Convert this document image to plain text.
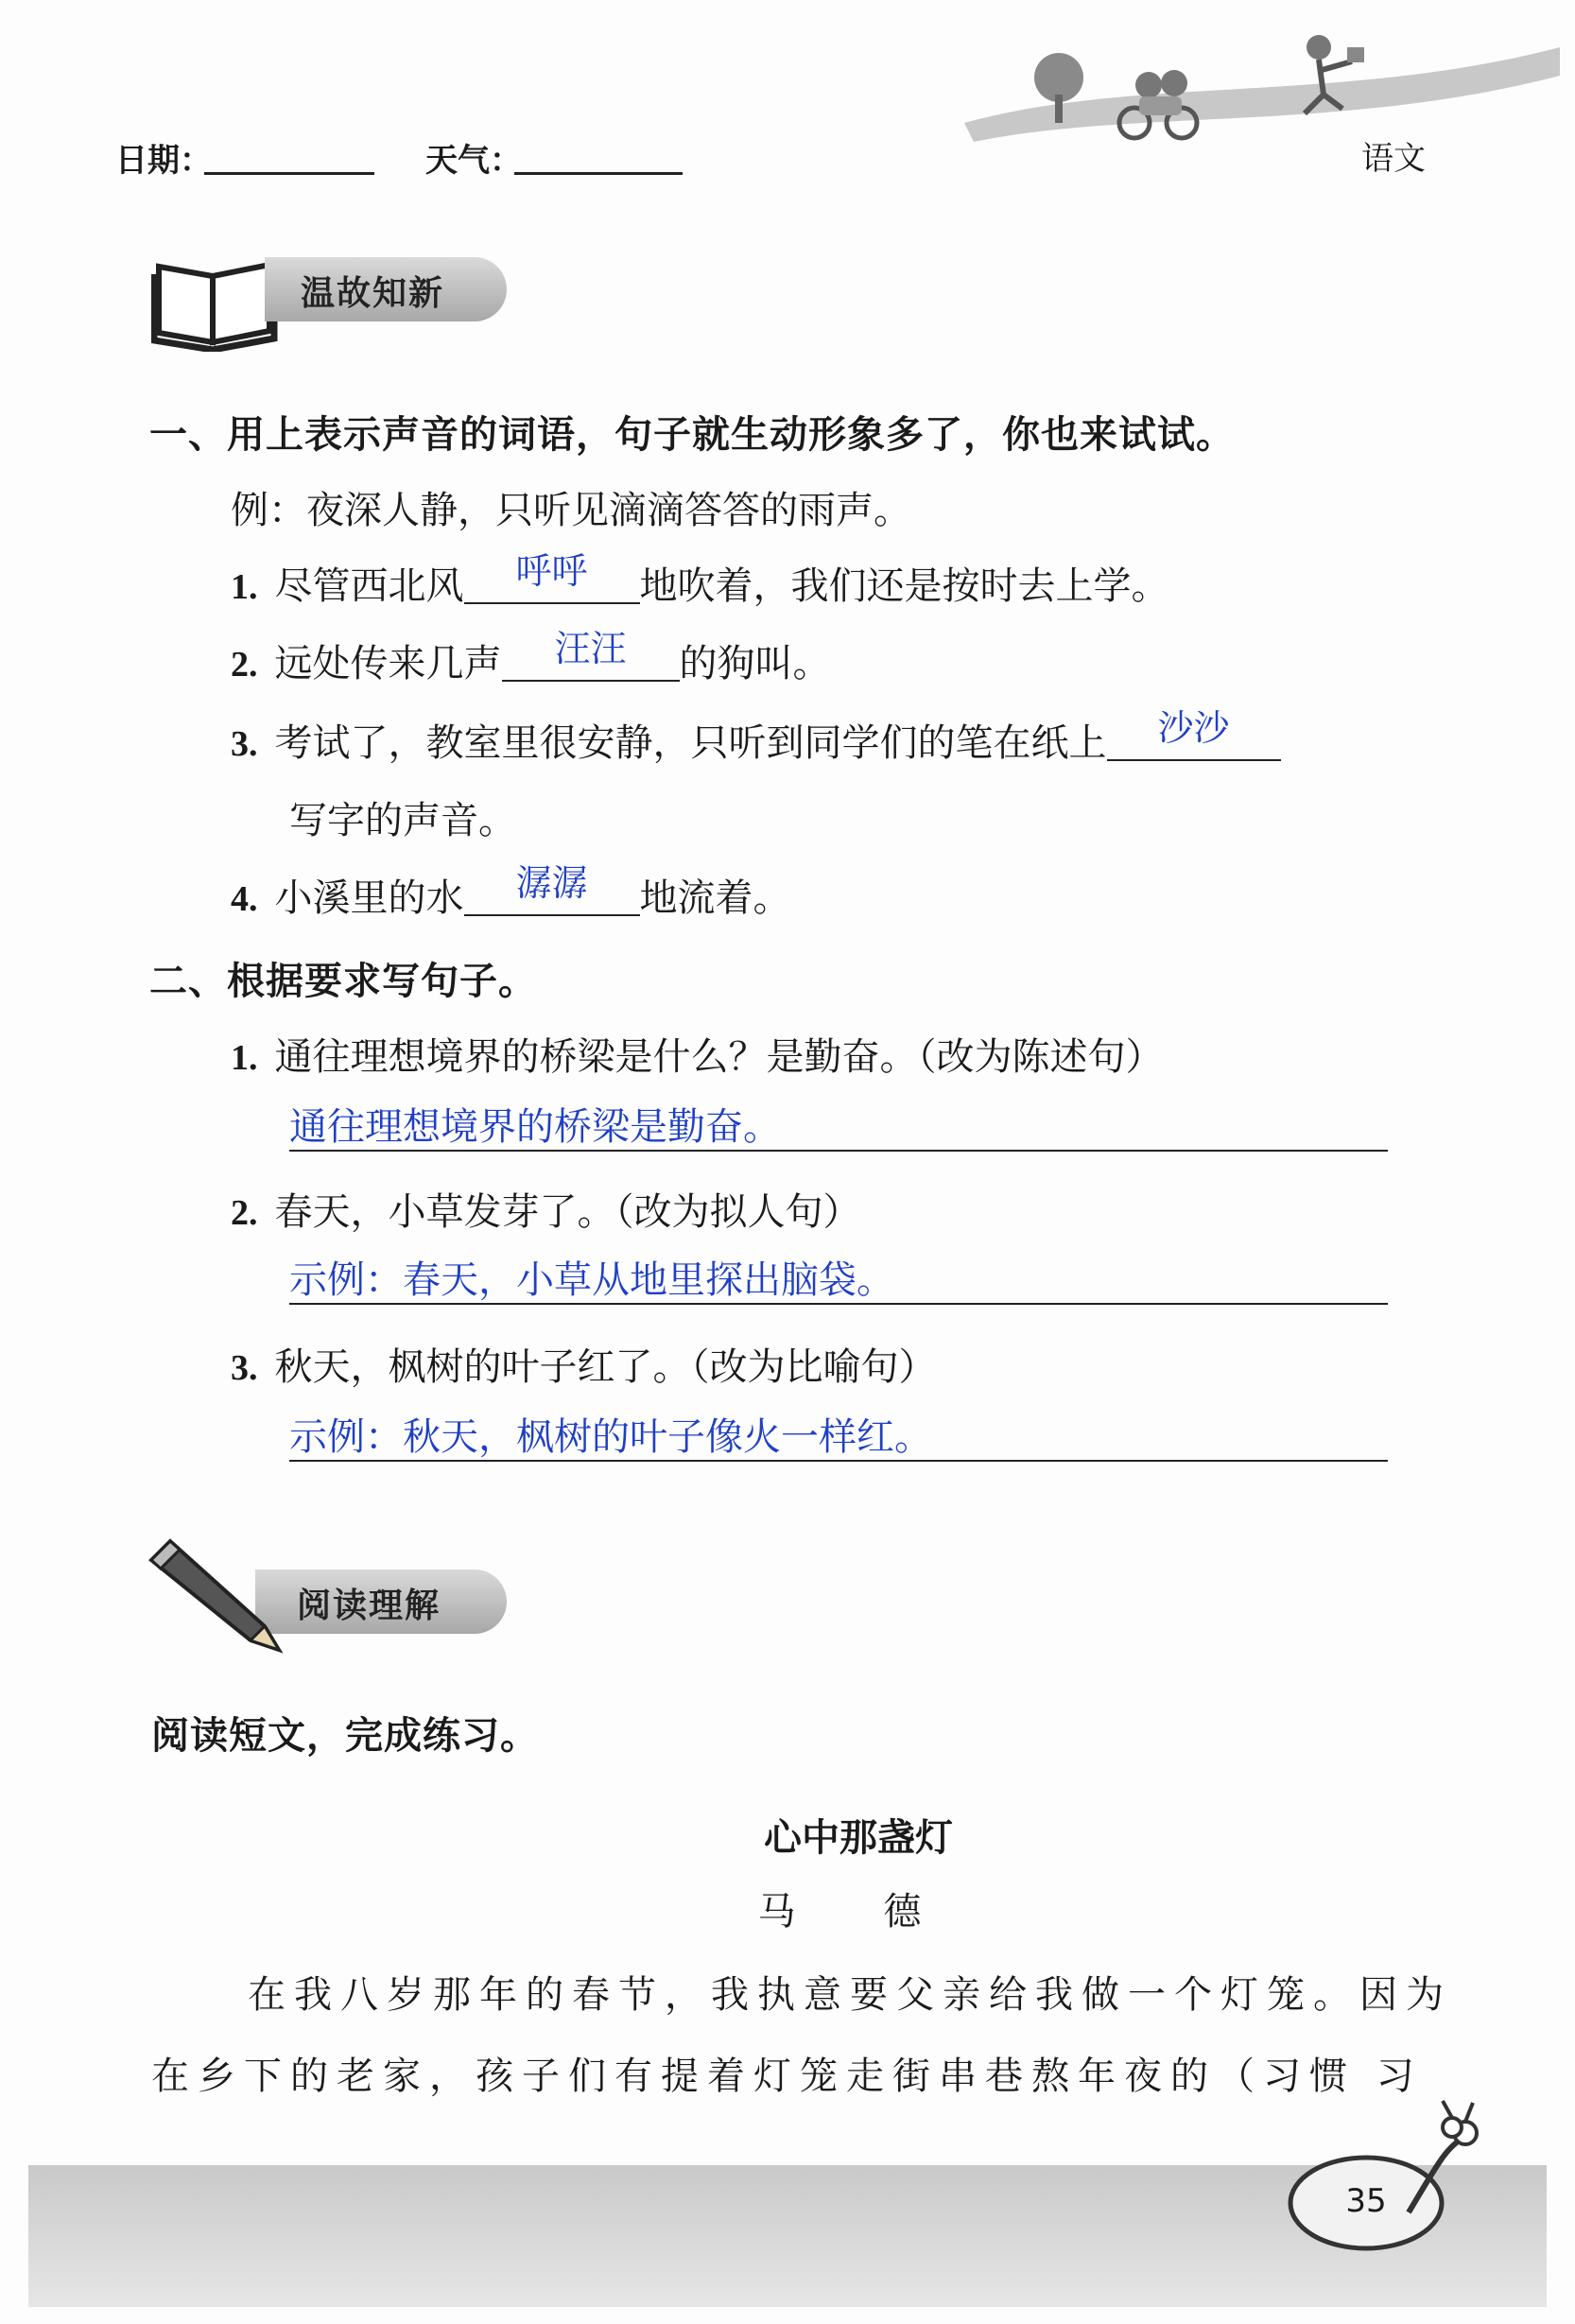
日期：	天气：	语文
温故知新
一、用上表示声音的词语，句子就生动形象多了，你也来试试。
例：夜深人静，只听见滴滴答答的雨声。
1. 尽管西北风	呼呼	地吹着，我们还是按时去上学。
2. 远处传来几声	汪汪	的狗叫。
3. 考试了，教室里很安静，只听到同学们的笔在纸上	沙沙
写字的声音。
4. 小溪里的水	潺潺	地流着。
二、根据要求写句子。
1. 通往理想境界的桥梁是什么？是勤奋。（改为陈述句）
通往理想境界的桥梁是勤奋。
2. 春天，小草发芽了。（改为拟人句）
示例：春天，小草从地里探出脑袋。
3. 秋天，枫树的叶子红了。（改为比喻句）
示例：秋天，枫树的叶子像火一样红。
阅读理解
阅读短文，完成练习。
心中那盏灯
马 德
在我八岁那年的春节，我执意要父亲给我做一个灯笼。因为
在乡下的老家，孩子们有提着灯笼走街串巷熬年夜的（习惯 习
35
